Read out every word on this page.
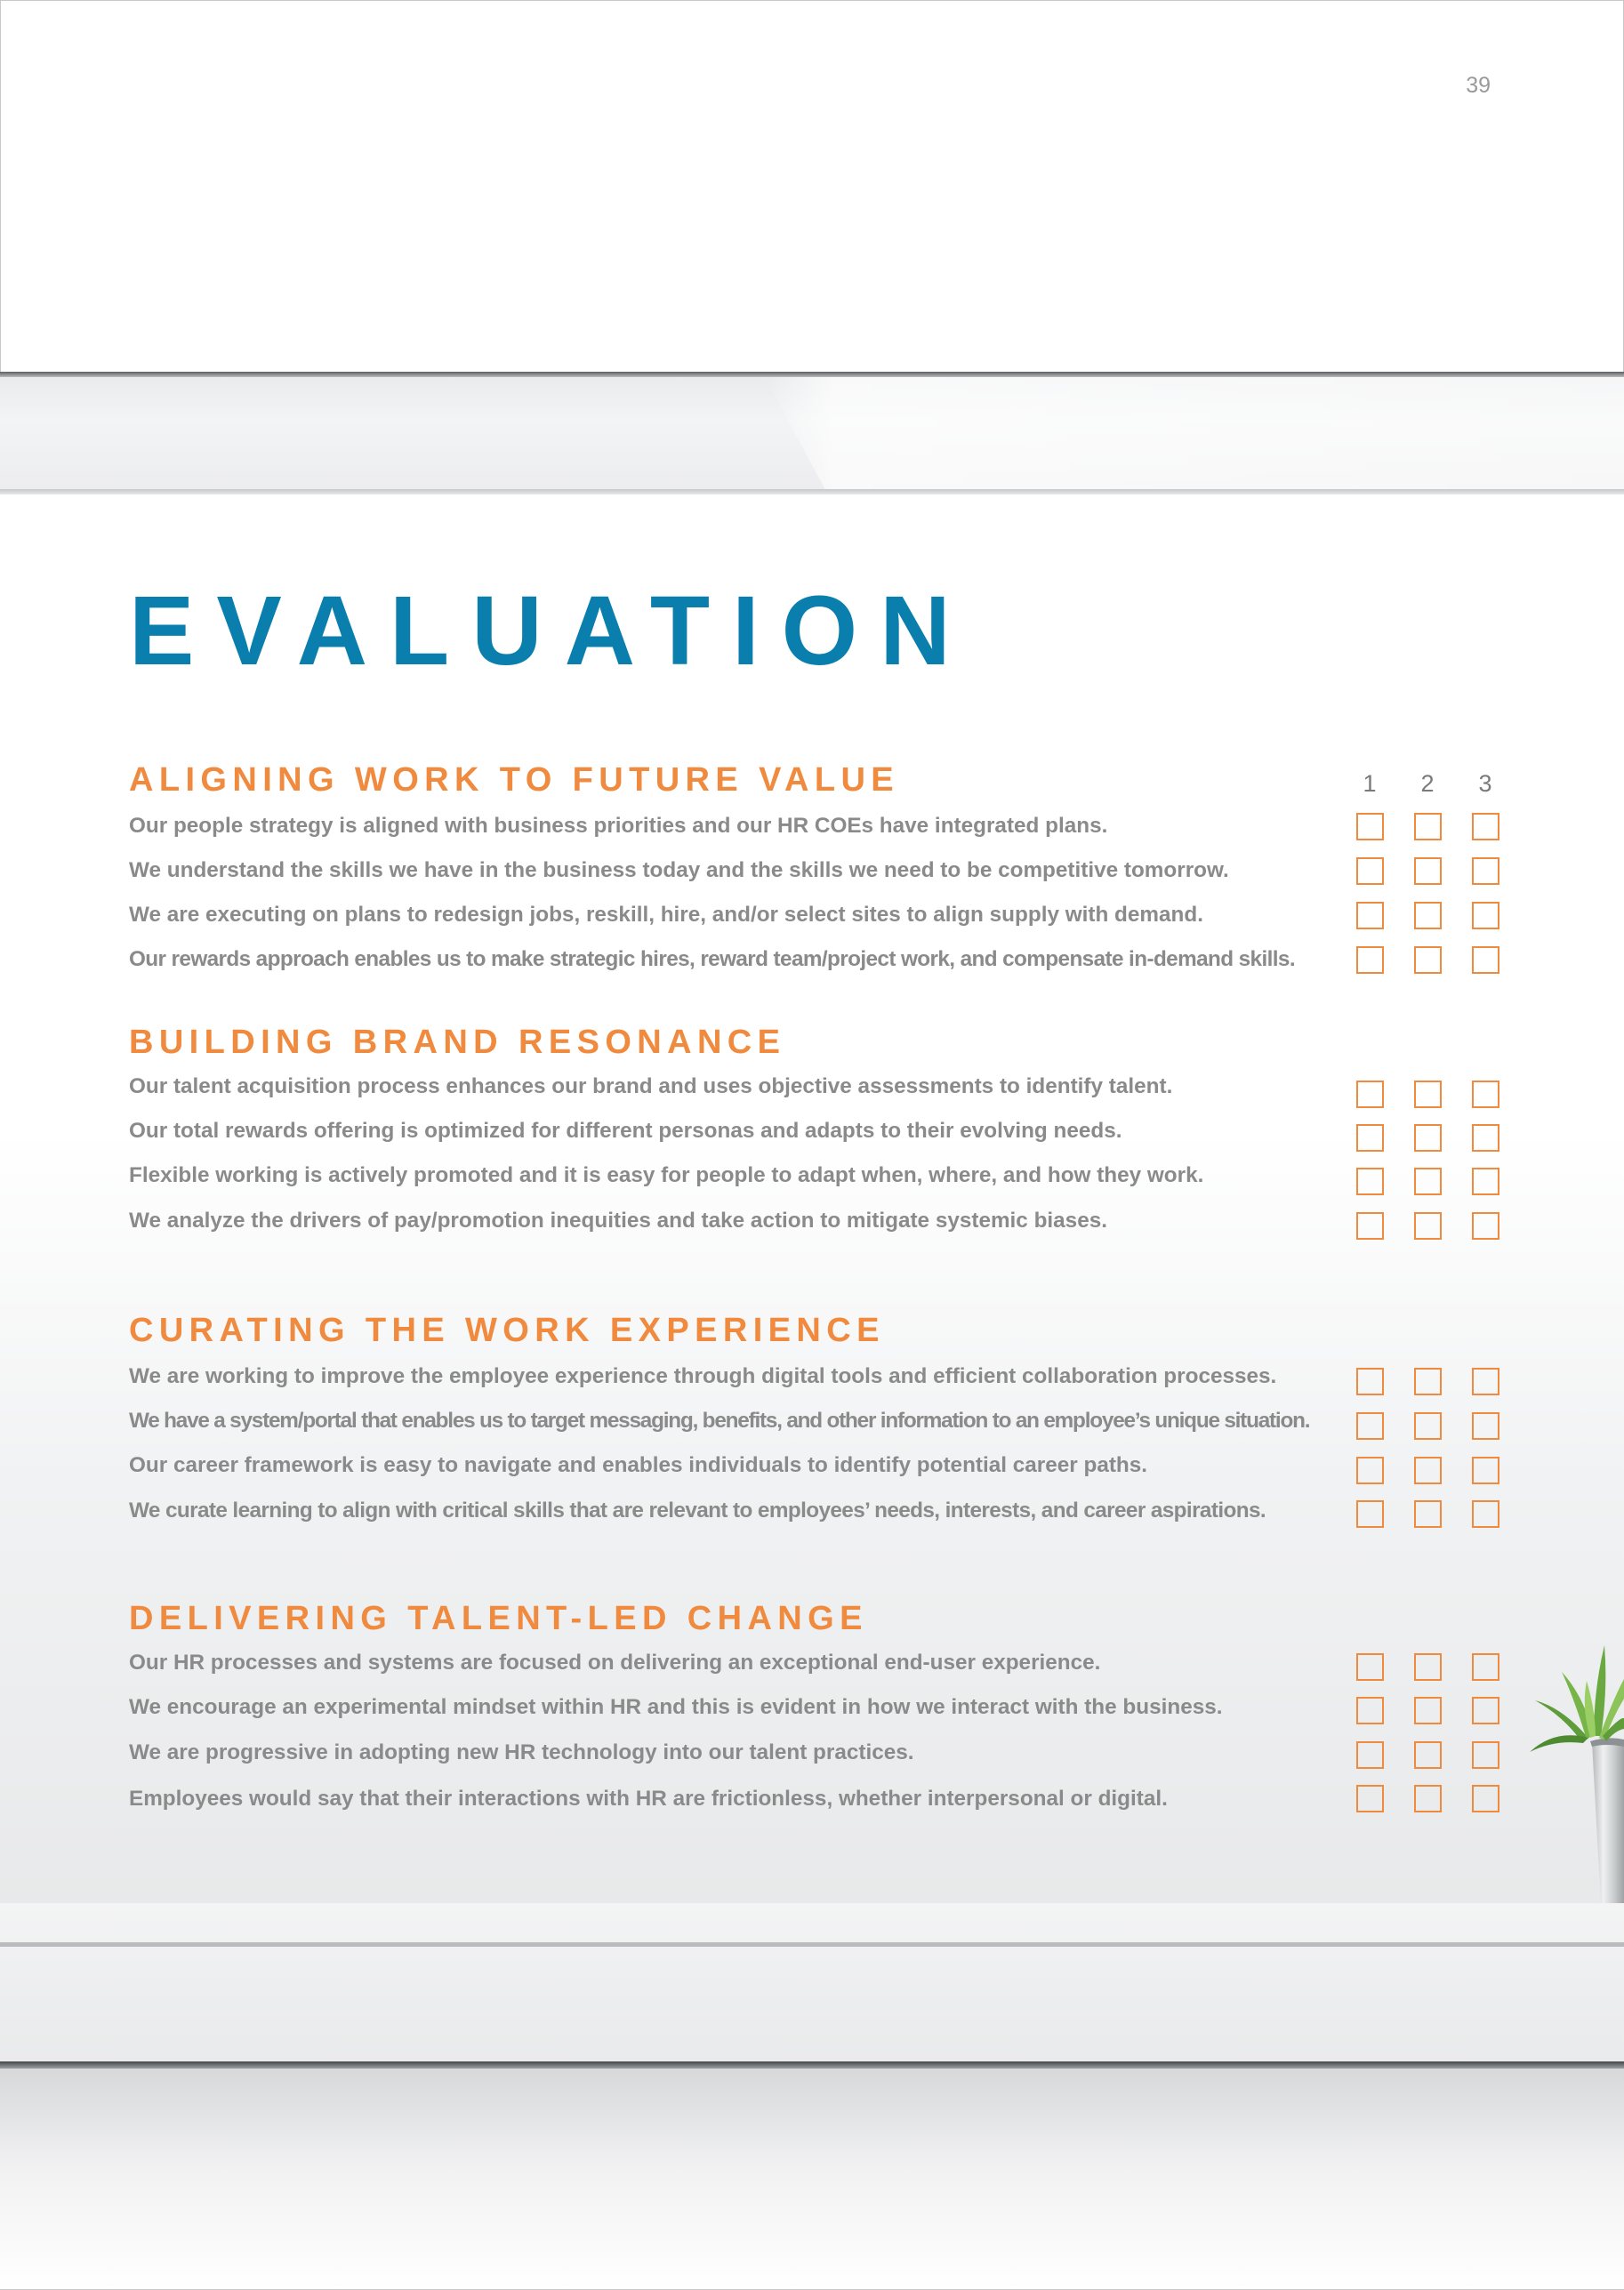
39
EVALUATION
1	2	3
ALIGNING WORK TO FUTURE VALUE
Our people strategy is aligned with business priorities and our HR COEs have integrated plans.
We understand the skills we have in the business today and the skills we need to be competitive tomorrow.
We are executing on plans to redesign jobs, reskill, hire, and/or select sites to align supply with demand.
Our rewards approach enables us to make strategic hires, reward team/project work, and compensate in-demand skills.
BUILDING BRAND RESONANCE
Our talent acquisition process enhances our brand and uses objective assessments to identify talent.
Our total rewards offering is optimized for different personas and adapts to their evolving needs.
Flexible working is actively promoted and it is easy for people to adapt when, where, and how they work.
We analyze the drivers of pay/promotion inequities and take action to mitigate systemic biases.
CURATING THE WORK EXPERIENCE
We are working to improve the employee experience through digital tools and efficient collaboration processes.
We have a system/portal that enables us to target messaging, benefits, and other information to an employee’s unique situation.
Our career framework is easy to navigate and enables individuals to identify potential career paths.
We curate learning to align with critical skills that are relevant to employees’ needs, interests, and career aspirations.
DELIVERING TALENT-LED CHANGE
Our HR processes and systems are focused on delivering an exceptional end-user experience.
We encourage an experimental mindset within HR and this is evident in how we interact with the business.
We are progressive in adopting new HR technology into our talent practices.
Employees would say that their interactions with HR are frictionless, whether interpersonal or digital.
